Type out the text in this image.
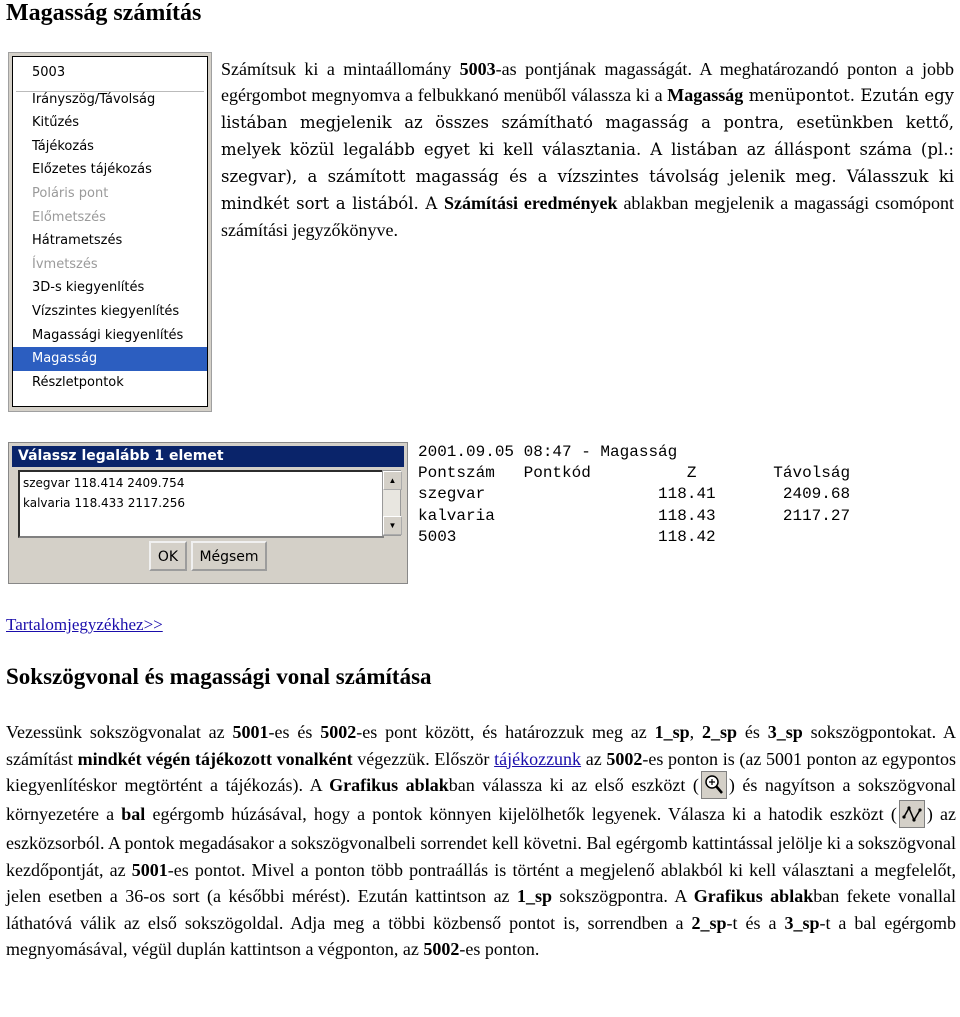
Magasság számítás
5003
Irányszög/Távolság
Kitűzés
Tájékozás
Előzetes tájékozás
Poláris pont
Előmetszés
Hátrametszés
Ívmetszés
3D-s kiegyenlítés
Vízszintes kiegyenlítés
Magassági kiegyenlítés
Magasság
Részletpontok
Számítsuk ki a mintaállomány 5003-as pontjának magasságát. A meghatározandó ponton a jobb egérgombot megnyomva a felbukkanó menüből válassza ki a Magasság menüpontot. Ezután egy listában megjelenik az összes számítható magasság a pontra, esetünkben kettő, melyek közül legalább egyet ki kell választania. A listában az álláspont száma (pl.: szegvar), a számított magasság és a vízszintes távolság jelenik meg. Válasszuk ki mindkét sort a listából. A Számítási eredmények ablakban megjelenik a magassági csomópont számítási jegyzőkönyve.
Válassz legalább 1 elemet
szegvar 118.414 2409.754
kalvaria 118.433 2117.256
▲
▼
OK	Mégsem
2001.09.05 08:47 - Magasság
Pontszám   Pontkód          Z        Távolság
szegvar                  118.41       2409.68
kalvaria                 118.43       2117.27
5003                     118.42
Tartalomjegyzékhez>>
Sokszögvonal és magassági vonal számítása
Vezessünk sokszögvonalat az 5001-es és 5002-es pont között, és határozzuk meg az 1_sp, 2_sp és 3_sp sokszögpontokat. A számítást mindkét végén tájékozott vonalként végezzük. Először tájékozzunk az 5002-es ponton is (az 5001 ponton az egypontos kiegyenlítéskor megtörtént a tájékozás). A Grafikus ablakban válassza ki az első eszközt ( ) és nagyítson a sokszögvonal környezetére a bal egérgomb húzásával, hogy a pontok könnyen kijelölhetők legyenek. Válasza ki a hatodik eszközt ( ) az eszközsorból. A pontok megadásakor a sokszögvonalbeli sorrendet kell követni. Bal egérgomb kattintással jelölje ki a sokszögvonal kezdőpontját, az 5001-es pontot. Mivel a ponton több pontraállás is történt a megjelenő ablakból ki kell választani a megfelelőt, jelen esetben a 36-os sort (a későbbi mérést). Ezután kattintson az 1_sp sokszögpontra. A Grafikus ablakban fekete vonallal láthatóvá válik az első sokszögoldal. Adja meg a többi közbenső pontot is, sorrendben a 2_sp-t és a 3_sp-t a bal egérgomb megnyomásával, végül duplán kattintson a végponton, az 5002-es ponton.
